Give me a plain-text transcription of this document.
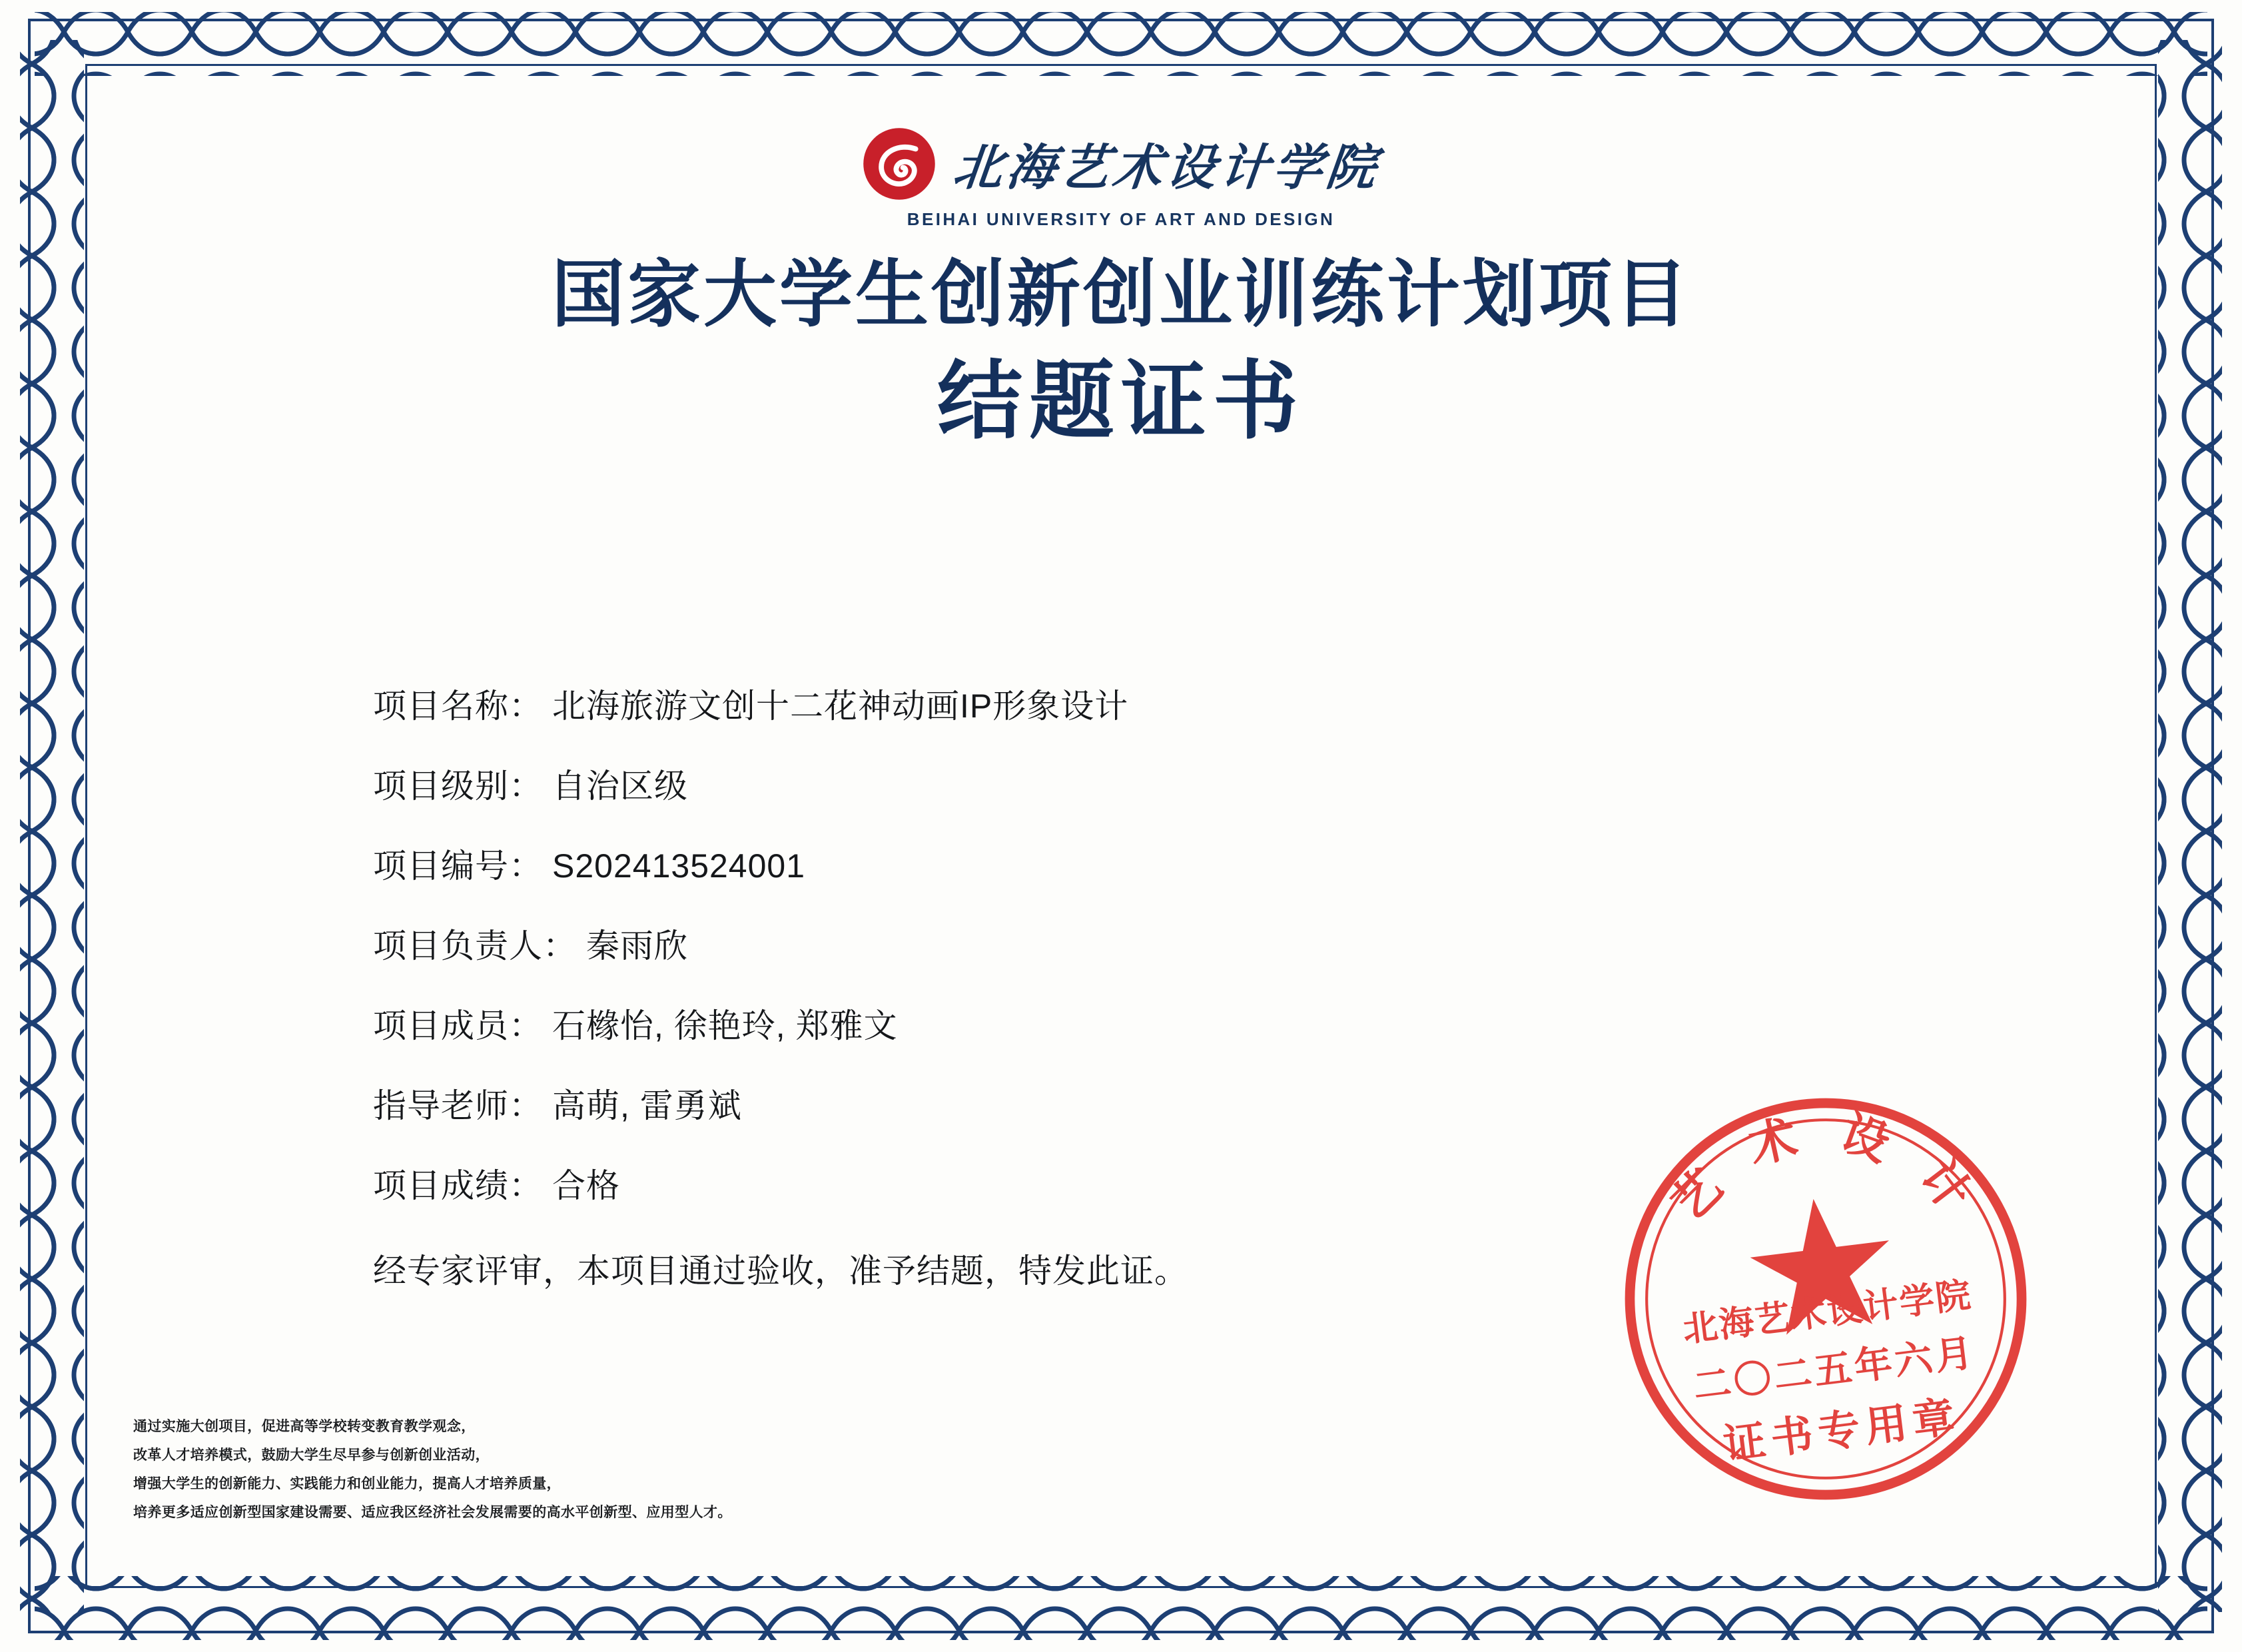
北海艺术设计学院
BEIHAI UNIVERSITY OF ART AND DESIGN
国家大学生创新创业训练计划项目
结题证书
项目名称： 北海旅游文创十二花神动画IP形象设计
项目级别： 自治区级
项目编号： S202413524001
项目负责人： 秦雨欣
项目成员： 石橼怡, 徐艳玲, 郑雅文
指导老师： 高萌, 雷勇斌
项目成绩： 合格
经专家评审，本项目通过验收，准予结题，特发此证。
通过实施大创项目，促进高等学校转变教育教学观念，
改革人才培养模式，鼓励大学生尽早参与创新创业活动，
增强大学生的创新能力、实践能力和创业能力，提高人才培养质量，
培养更多适应创新型国家建设需要、适应我区经济社会发展需要的高水平创新型、应用型人才。
艺术设计
北海艺术设计学院
二〇二五年六月
证书专用章
